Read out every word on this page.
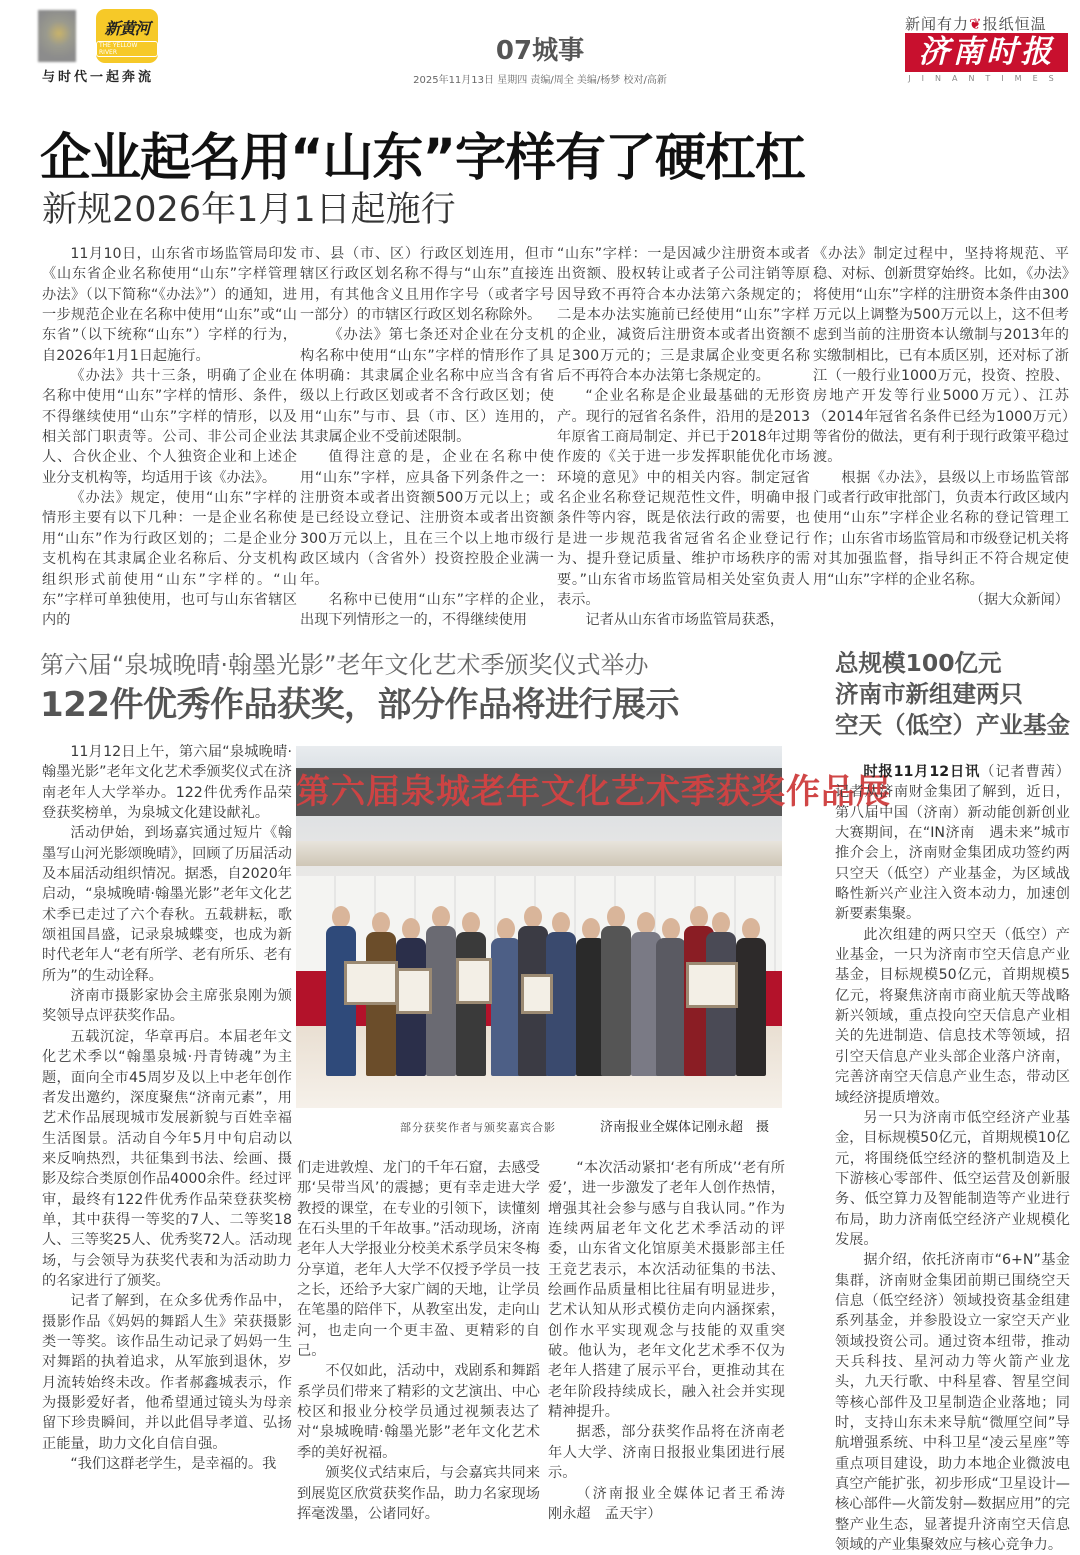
新黄河
THE YELLOW RIVER
与时代一起奔流
07城事
2025年11月13日 星期四 责编/周全 美编/杨梦 校对/高新
新闻有力❦报纸恒温
济南时报
JINANTIMES
企业起名用“山东”字样有了硬杠杠
新规2026年1月1日起施行

11月10日，山东省市场监管局印发《山东省企业名称使用“山东”字样管理办法》（以下简称“《办法》”）的通知，进一步规范企业在名称中使用“山东”或“山东省”（以下统称“山东”）字样的行为，自2026年1月1日起施行。

《办法》共十三条，明确了企业在名称中使用“山东”字样的情形、条件，不得继续使用“山东”字样的情形，以及相关部门职责等。公司、非公司企业法人、合伙企业、个人独资企业和上述企业分支机构等，均适用于该《办法》。

《办法》规定，使用“山东”字样的情形主要有以下几种：一是企业名称使用“山东”作为行政区划的；二是企业分支机构在其隶属企业名称后、分支机构组织形式前使用“山东”字样的。“山东”字样可单独使用，也可与山东省辖区内的

市、县（市、区）行政区划连用，但市辖区行政区划名称不得与“山东”直接连用，有其他含义且用作字号（或者字号一部分）的市辖区行政区划名称除外。

《办法》第七条还对企业在分支机构名称中使用“山东”字样的情形作了具体明确：其隶属企业名称中应当含有省级以上行政区划或者不含行政区划；使用“山东”与市、县（市、区）连用的，其隶属企业不受前述限制。

值得注意的是，企业在名称中使用“山东”字样，应具备下列条件之一：注册资本或者出资额500万元以上；或是已经设立登记、注册资本或者出资额300万元以上，且在三个以上地市级行政区域内（含省外）投资控股企业满一年。

名称中已使用“山东”字样的企业，出现下列情形之一的，不得继续使用

“山东”字样：一是因减少注册资本或者出资额、股权转让或者子公司注销等原因导致不再符合本办法第六条规定的；二是本办法实施前已经使用“山东”字样的企业，减资后注册资本或者出资额不足300万元的；三是隶属企业变更名称后不再符合本办法第七条规定的。

“企业名称是企业最基础的无形资产。现行的冠省名条件，沿用的是2013年原省工商局制定、并已于2018年过期作废的《关于进一步发挥职能优化市场环境的意见》中的相关内容。制定冠省名企业名称登记规范性文件，明确申报条件等内容，既是依法行政的需要，也是进一步规范我省冠省名企业登记行为、提升登记质量、维护市场秩序的需要。”山东省市场监管局相关处室负责人表示。

记者从山东省市场监管局获悉，

《办法》制定过程中，坚持将规范、平稳、对标、创新贯穿始终。比如，《办法》将使用“山东”字样的注册资本条件由300万元以上调整为500万元以上，这不但考虑到当前的注册资本认缴制与2013年的实缴制相比，已有本质区别，还对标了浙江（一般行业1000万元，投资、控股、房地产开发等行业5000万元）、江苏（2014年冠省名条件已经为1000万元）等省份的做法，更有利于现行政策平稳过渡。

根据《办法》，县级以上市场监管部门或者行政审批部门，负责本行政区域内使用“山东”字样企业名称的登记管理工作；山东省市场监管局和市级登记机关将对其加强监督，指导纠正不符合规定使用“山东”字样的企业名称。

（据大众新闻）

第六届“泉城晚晴·翰墨光影”老年文化艺术季颁奖仪式举办
122件优秀作品获奖，部分作品将进行展示

11月12日上午，第六届“泉城晚晴·翰墨光影”老年文化艺术季颁奖仪式在济南老年人大学举办。122件优秀作品荣登获奖榜单，为泉城文化建设献礼。

活动伊始，到场嘉宾通过短片《翰墨写山河光影颂晚晴》，回顾了历届活动及本届活动组织情况。据悉，自2020年启动，“泉城晚晴·翰墨光影”老年文化艺术季已走过了六个春秋。五载耕耘，歌颂祖国昌盛，记录泉城蝶变，也成为新时代老年人“老有所学、老有所乐、老有所为”的生动诠释。

济南市摄影家协会主席张泉刚为颁奖领导点评获奖作品。

五载沉淀，华章再启。本届老年文化艺术季以“翰墨泉城·丹青铸魂”为主题，面向全市45周岁及以上中老年创作者发出邀约，深度聚焦“济南元素”，用艺术作品展现城市发展新貌与百姓幸福生活图景。活动自今年5月中旬启动以来反响热烈，共征集到书法、绘画、摄影及综合类原创作品4000余件。经过评审，最终有122件优秀作品荣登获奖榜单，其中获得一等奖的7人、二等奖18人、三等奖25人、优秀奖72人。活动现场，与会领导为获奖代表和为活动助力的名家进行了颁奖。

记者了解到，在众多优秀作品中，摄影作品《妈妈的舞蹈人生》荣获摄影类一等奖。该作品生动记录了妈妈一生对舞蹈的执着追求，从军旅到退休，岁月流转始终未改。作者郝鑫城表示，作为摄影爱好者，他希望通过镜头为母亲留下珍贵瞬间，并以此倡导孝道、弘扬正能量，助力文化自信自强。

“我们这群老学生，是幸福的。我

第六届泉城老年文化艺术季获奖作品展
部分获奖作者与颁奖嘉宾合影	济南报业全媒体记刚永超　摄

们走进敦煌、龙门的千年石窟，去感受那‘吴带当风’的震撼；更有幸走进大学教授的课堂，在专业的引领下，读懂刻在石头里的千年故事。”活动现场，济南老年人大学报业分校美术系学员宋冬梅分享道，老年人大学不仅授予学员一技之长，还给予大家广阔的天地，让学员在笔墨的陪伴下，从教室出发，走向山河，也走向一个更丰盈、更精彩的自己。

不仅如此，活动中，戏剧系和舞蹈系学员们带来了精彩的文艺演出、中心校区和报业分校学员通过视频表达了对“泉城晚晴·翰墨光影”老年文化艺术季的美好祝福。

颁奖仪式结束后，与会嘉宾共同来到展览区欣赏获奖作品，助力名家现场挥毫泼墨，公诸同好。

“本次活动紧扣‘老有所成’‘老有所爱’，进一步激发了老年人创作热情，增强其社会参与感与自我认同。”作为连续两届老年文化艺术季活动的评委，山东省文化馆原美术摄影部主任王竞艺表示，本次活动征集的书法、绘画作品质量相比往届有明显进步，艺术认知从形式模仿走向内涵探索，创作水平实现观念与技能的双重突破。他认为，老年文化艺术季不仅为老年人搭建了展示平台，更推动其在老年阶段持续成长，融入社会并实现精神提升。

据悉，部分获奖作品将在济南老年人大学、济南日报报业集团进行展示。

（济南报业全媒体记者王希涛　刚永超　孟天宇）

总规模100亿元
济南市新组建两只
空天（低空）产业基金

时报11月12日讯（记者曹茜）记者从济南财金集团了解到，近日，第八届中国（济南）新动能创新创业大赛期间，在“IN济南　遇未来”城市推介会上，济南财金集团成功签约两只空天（低空）产业基金，为区域战略性新兴产业注入资本动力，加速创新要素集聚。

此次组建的两只空天（低空）产业基金，一只为济南市空天信息产业基金，目标规模50亿元，首期规模5亿元，将聚焦济南市商业航天等战略新兴领域，重点投向空天信息产业相关的先进制造、信息技术等领域，招引空天信息产业头部企业落户济南，完善济南空天信息产业生态，带动区域经济提质增效。

另一只为济南市低空经济产业基金，目标规模50亿元，首期规模10亿元，将围绕低空经济的整机制造及上下游核心零部件、低空运营及创新服务、低空算力及智能制造等产业进行布局，助力济南低空经济产业规模化发展。

据介绍，依托济南市“6+N”基金集群，济南财金集团前期已围绕空天信息（低空经济）领域投资基金组建系列基金，并参股设立一家空天产业领域投资公司。通过资本纽带，推动天兵科技、星河动力等火箭产业龙头，九天行歌、中科星睿、智星空间等核心部件及卫星制造企业落地；同时，支持山东未来导航“微厘空间”导航增强系统、中科卫星“凌云星座”等重点项目建设，助力本地企业微波电真空产能扩张，初步形成“卫星设计—核心部件—火箭发射—数据应用”的完整产业生态，显著提升济南空天信息领域的产业集聚效应与核心竞争力。
